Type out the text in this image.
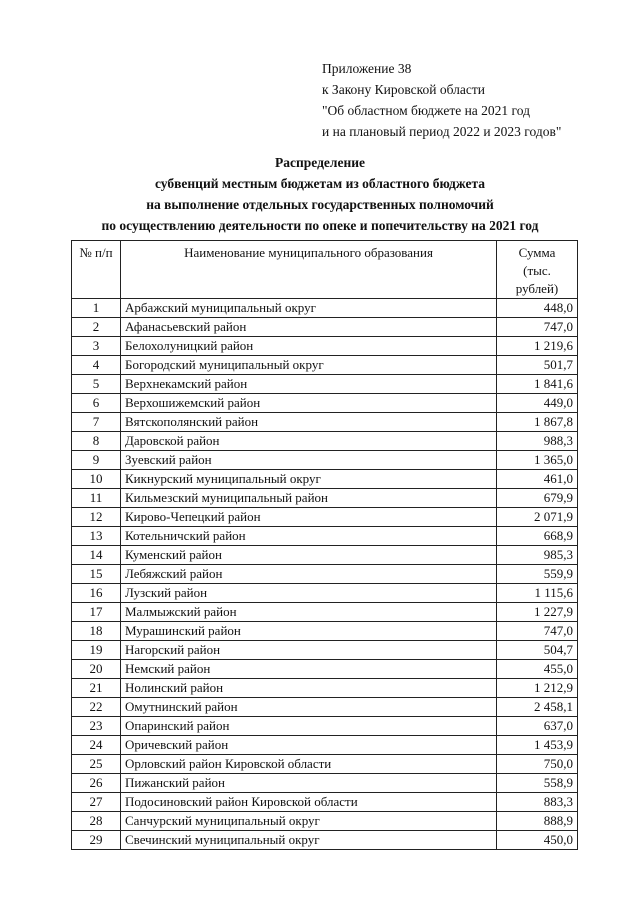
Приложение 38
к Закону Кировской области
"Об областном бюджете на 2021 год
и на плановый период 2022 и 2023 годов"
Распределение
субвенций местным бюджетам из областного бюджета
на выполнение отдельных государственных полномочий
по осуществлению деятельности по опеке и попечительству на 2021 год
№ п/п	Наименование муниципального образования	Сумма
(тыс. рублей)

1	Арбажский муниципальный округ	448,0
2	Афанасьевский район	747,0
3	Белохолуницкий район	1 219,6
4	Богородский муниципальный округ	501,7
5	Верхнекамский район	1 841,6
6	Верхошижемский район	449,0
7	Вятскополянский район	1 867,8
8	Даровской район	988,3
9	Зуевский район	1 365,0
10	Кикнурский муниципальный округ	461,0
11	Кильмезский муниципальный район	679,9
12	Кирово-Чепецкий район	2 071,9
13	Котельничский район	668,9
14	Куменский район	985,3
15	Лебяжский район	559,9
16	Лузский район	1 115,6
17	Малмыжский район	1 227,9
18	Мурашинский район	747,0
19	Нагорский район	504,7
20	Немский район	455,0
21	Нолинский район	1 212,9
22	Омутнинский район	2 458,1
23	Опаринский район	637,0
24	Оричевский район	1 453,9
25	Орловский район Кировской области	750,0
26	Пижанский район	558,9
27	Подосиновский район Кировской области	883,3
28	Санчурский муниципальный округ	888,9
29	Свечинский муниципальный округ	450,0
